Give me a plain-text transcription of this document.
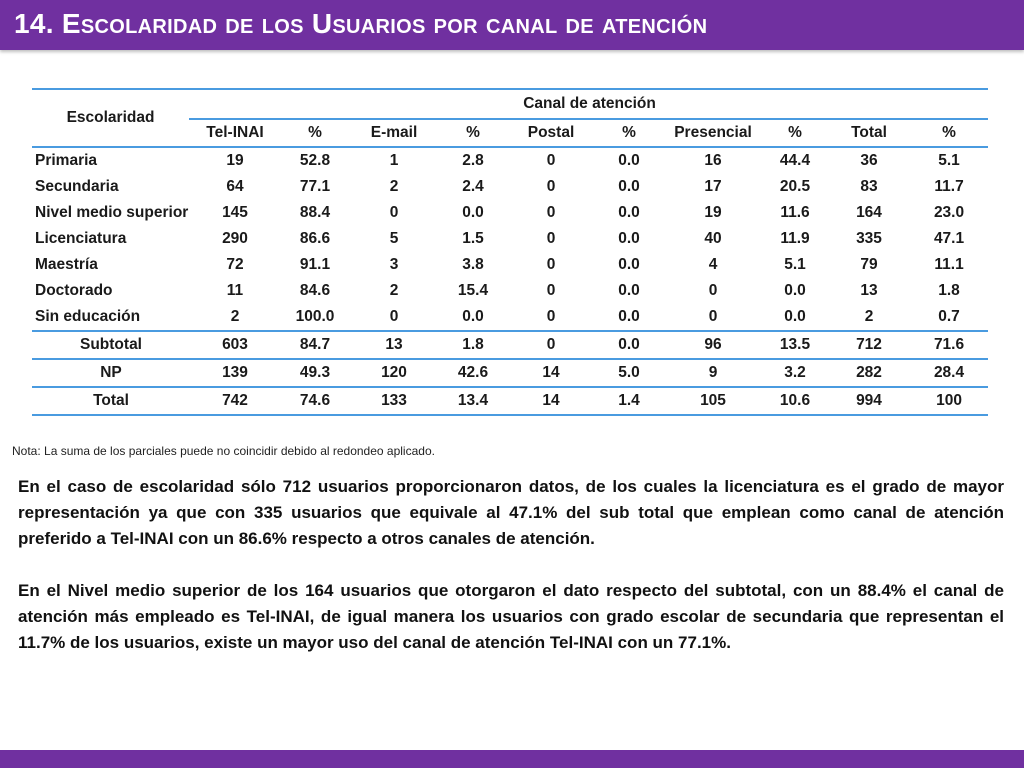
14. Escolaridad de los Usuarios por canal de atención
Escolaridad	Canal de atención									
	Tel-INAI	%	E-mail	%	Postal	%	Presencial	%	Total	%
Primaria	19	52.8	1	2.8	0	0.0	16	44.4	36	5.1
Secundaria	64	77.1	2	2.4	0	0.0	17	20.5	83	11.7
Nivel medio superior	145	88.4	0	0.0	0	0.0	19	11.6	164	23.0
Licenciatura	290	86.6	5	1.5	0	0.0	40	11.9	335	47.1
Maestría	72	91.1	3	3.8	0	0.0	4	5.1	79	11.1
Doctorado	11	84.6	2	15.4	0	0.0	0	0.0	13	1.8
Sin educación	2	100.0	0	0.0	0	0.0	0	0.0	2	0.7
Subtotal	603	84.7	13	1.8	0	0.0	96	13.5	712	71.6
NP	139	49.3	120	42.6	14	5.0	9	3.2	282	28.4
Total	742	74.6	133	13.4	14	1.4	105	10.6	994	100
Nota: La suma de los parciales puede no coincidir debido al redondeo aplicado.

En el caso de escolaridad sólo 712 usuarios proporcionaron datos, de los cuales la licenciatura es el grado de mayor representación ya que con 335 usuarios que equivale al 47.1% del sub total que emplean como canal de atención preferido a Tel-INAI con un 86.6% respecto a otros canales de atención.

En el Nivel medio superior de los 164 usuarios que otorgaron el dato respecto del subtotal, con un 88.4% el canal de atención más empleado es Tel-INAI, de igual manera los usuarios con grado escolar de secundaria que representan el 11.7% de los usuarios, existe un mayor uso del canal de atención Tel-INAI con un 77.1%.
